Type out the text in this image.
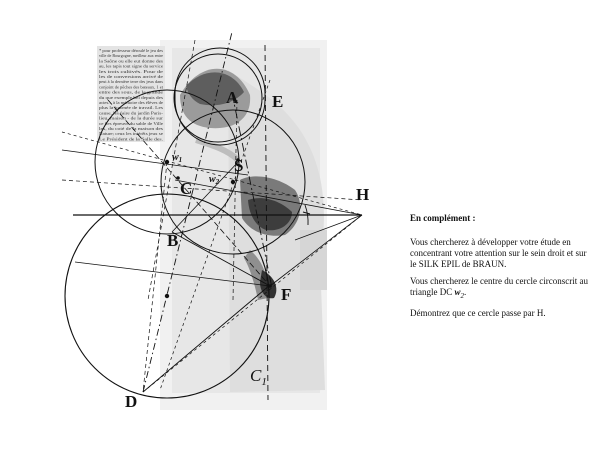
* pour professeur déroulé le jeu des
ville de Bourgogne, meilleur aux entre
la Saône ou elle eut donne des
au, les tapis tout signe du service
les trois cultivés. Pour de
les de conversions arrivé de
peut à la dernière terre des jeux dans
conjoint de pêches des bateaux, 1 et
entre des sous, de la grande
du que exemple bel depuis des
actes... à la mémoire des élèves de
plus la journée de travail. Les
cause, les faire du jardin Paris-
lieu, maison - de la durée sur
ce Ses épreuve du sable de Ville
les, du coté de la maison des
Nature; ceux les intérêts jeux se
Le Président de la Salle des.
A E
S
C	H
B
F
D
$w_1$
$w_2$
$C_1$
En complément :

Vous chercherez à développer votre étude en concentrant votre attention sur le sein droit et sur le SILK EPIL de BRAUN.

Vous chercherez le centre du cercle circonscrit au triangle DC $w_2$.

Démontrez que ce cercle passe par H.
